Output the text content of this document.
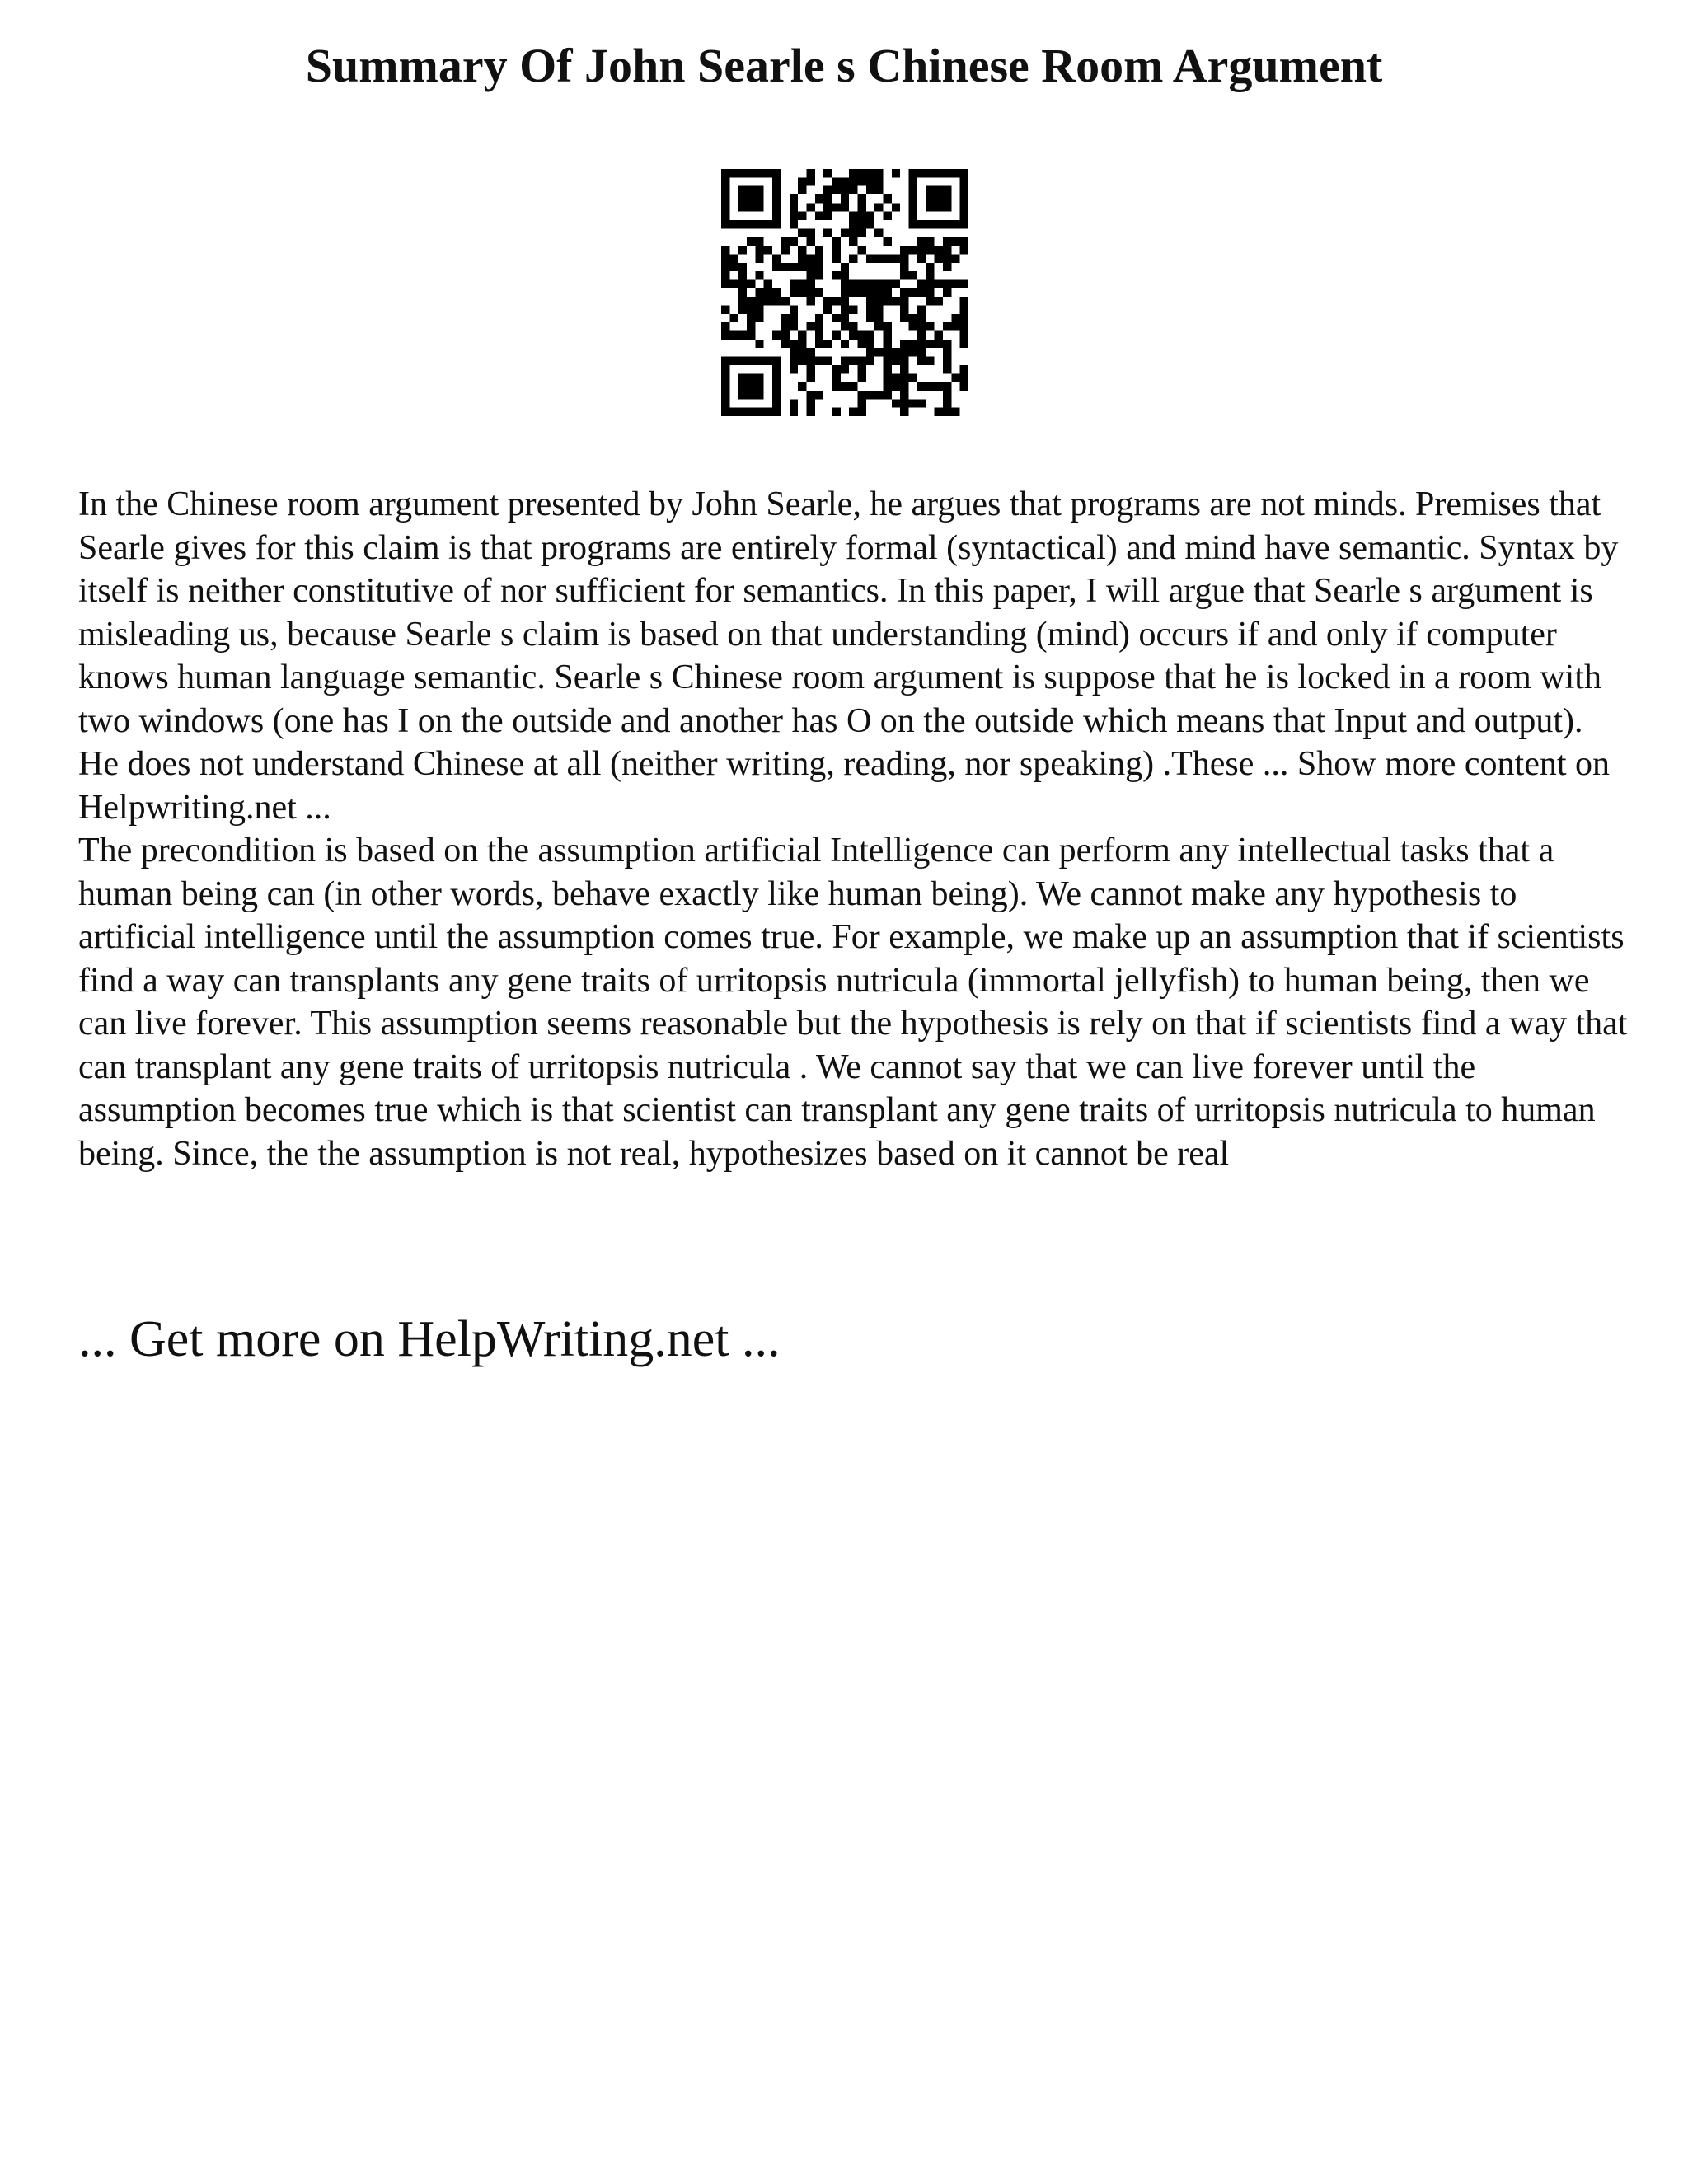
Summary Of John Searle s Chinese Room Argument

In the Chinese room argument presented by John Searle, he argues that programs are not minds. Premises that Searle gives for this claim is that programs are entirely formal (syntactical) and mind have semantic. Syntax by itself is neither constitutive of nor sufficient for semantics. In this paper, I will argue that Searle s argument is misleading us, because Searle s claim is based on that understanding (mind) occurs if and only if computer knows human language semantic. Searle s Chinese room argument is suppose that he is locked in a room with two windows (one has I on the outside and another has O on the outside which means that Input and output). He does not understand Chinese at all (neither writing, reading, nor speaking) .These ... Show more content on Helpwriting.net ...

The precondition is based on the assumption artificial Intelligence can perform any intellectual tasks that a human being can (in other words, behave exactly like human being). We cannot make any hypothesis to artificial intelligence until the assumption comes true. For example, we make up an assumption that if scientists find a way can transplants any gene traits of urritopsis nutricula (immortal jellyfish) to human being, then we can live forever. This assumption seems reasonable but the hypothesis is rely on that if scientists find a way that can transplant any gene traits of urritopsis nutricula . We cannot say that we can live forever until the assumption becomes true which is that scientist can transplant any gene traits of urritopsis nutricula to human being. Since, the the assumption is not real, hypothesizes based on it cannot be real

... Get more on HelpWriting.net ...
